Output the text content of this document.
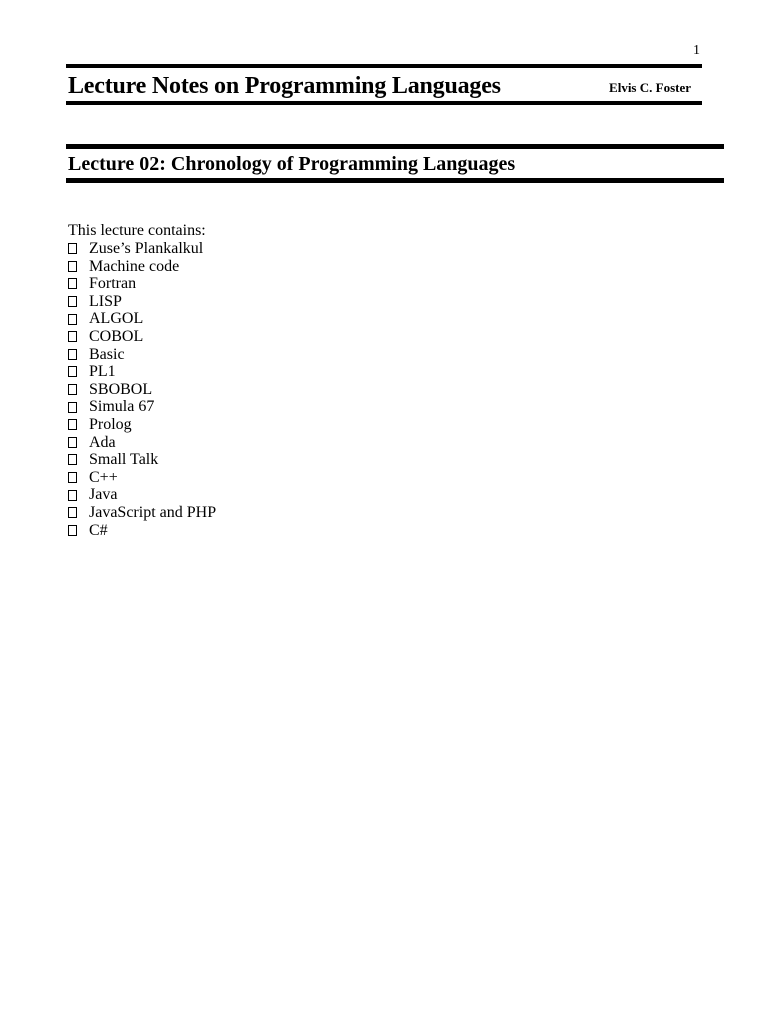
1
Lecture Notes on Programming Languages	Elvis C. Foster
Lecture 02: Chronology of Programming Languages
This lecture contains:
Zuse’s Plankalkul
Machine code
Fortran
LISP
ALGOL
COBOL
Basic
PL1
SBOBOL
Simula 67
Prolog
Ada
Small Talk
C++
Java
JavaScript and PHP
C#
